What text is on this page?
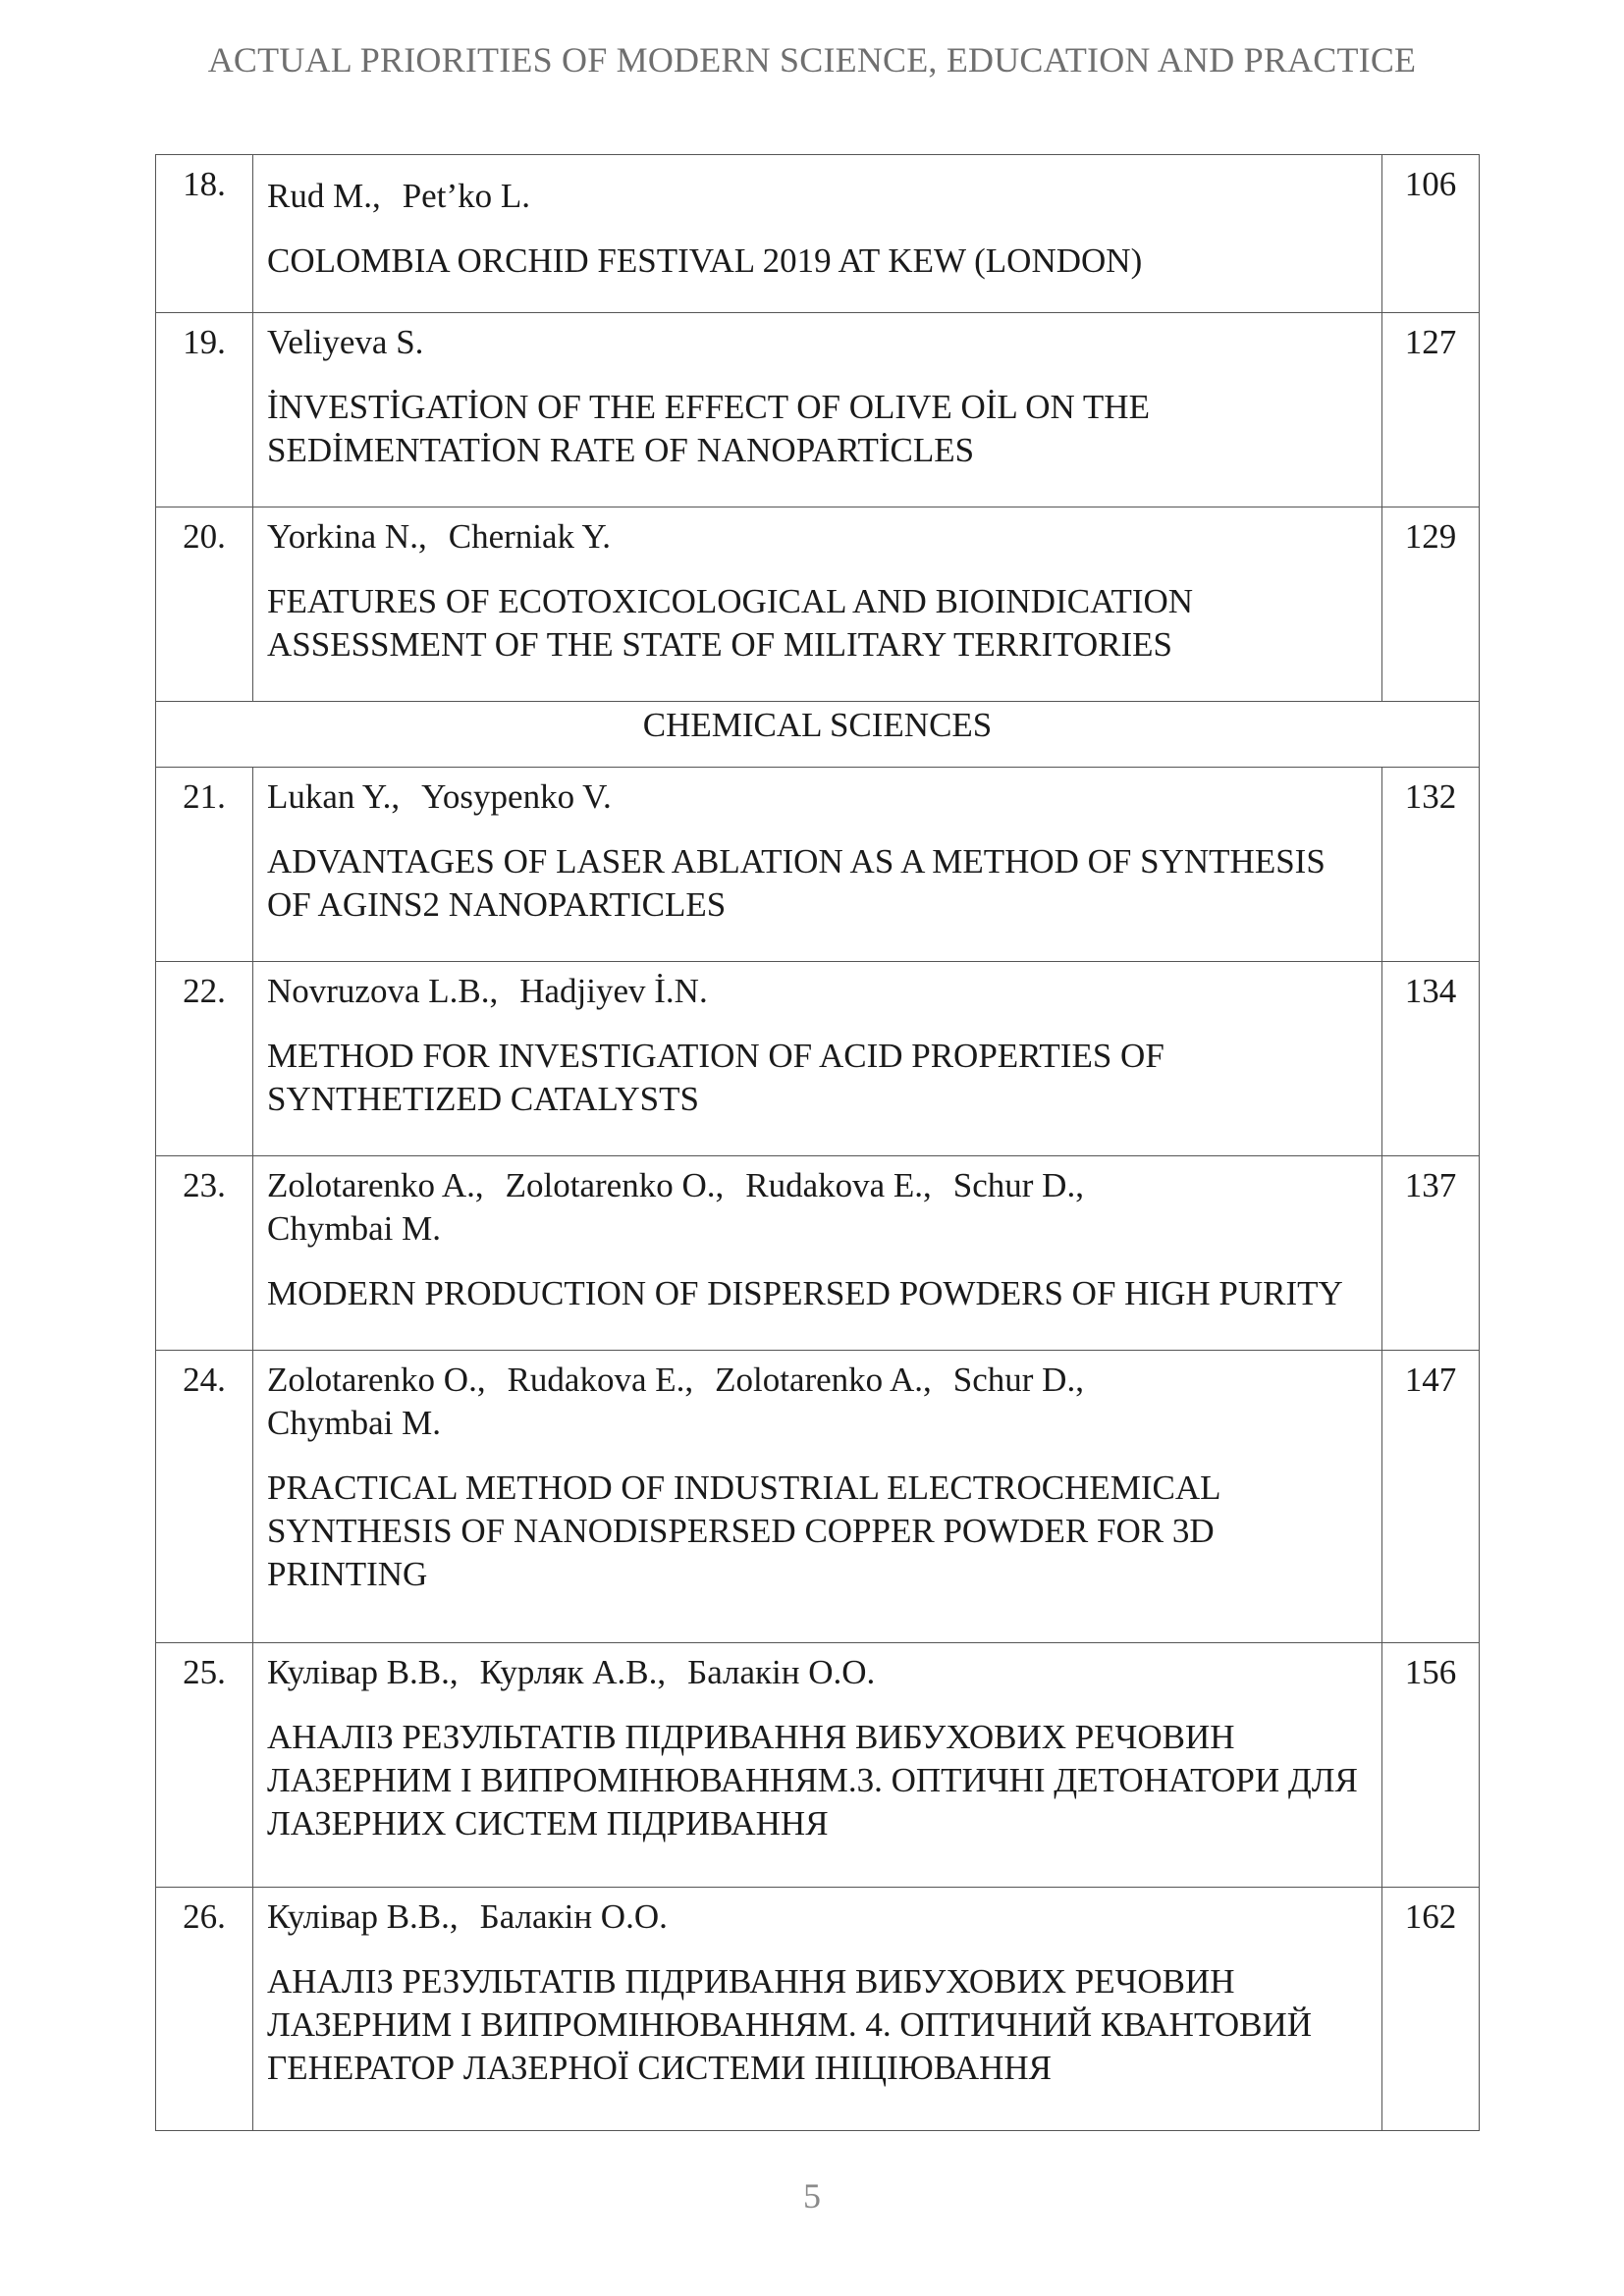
ACTUAL PRIORITIES OF MODERN SCIENCE, EDUCATION AND PRACTICE
18.	Rud M., Pet’ko L.

COLOMBIA ORCHID FESTIVAL 2019 AT KEW (LONDON)	106
19.	Veliyeva S.

İNVESTİGATİON OF THE EFFECT OF OLIVE OİL ON THE SEDİMENTATİON RATE OF NANOPARTİCLES	127
20.	Yorkina N., Cherniak Y.

FEATURES OF ECOTOXICOLOGICAL AND BIOINDICATION ASSESSMENT OF THE STATE OF MILITARY TERRITORIES	129
CHEMICAL SCIENCES		
21.	Lukan Y., Yosypenko V.

ADVANTAGES OF LASER ABLATION AS A METHOD OF SYNTHESIS OF AGINS2 NANOPARTICLES	132
22.	Novruzova L.B., Hadjiyev İ.N.

METHOD FOR INVESTIGATION OF ACID PROPERTIES OF SYNTHETIZED CATALYSTS	134
23.	Zolotarenko A., Zolotarenko O., Rudakova E., Schur D.,
Chymbai M.

MODERN PRODUCTION OF DISPERSED POWDERS OF HIGH PURITY	137
24.	Zolotarenko O., Rudakova E., Zolotarenko A., Schur D.,
Chymbai M.

PRACTICAL METHOD OF INDUSTRIAL ELECTROCHEMICAL SYNTHESIS OF NANODISPERSED COPPER POWDER FOR 3D PRINTING	147
25.	Кулівар В.В., Курляк А.В., Балакін О.О.

АНАЛІЗ РЕЗУЛЬТАТІВ ПІДРИВАННЯ ВИБУХОВИХ РЕЧОВИН ЛАЗЕРНИМ І ВИПРОМІНЮВАННЯМ.3. ОПТИЧНІ ДЕТОНАТОРИ ДЛЯ ЛАЗЕРНИХ СИСТЕМ ПІДРИВАННЯ	156
26.	Кулівар В.В., Балакін О.О.

АНАЛІЗ РЕЗУЛЬТАТІВ ПІДРИВАННЯ ВИБУХОВИХ РЕЧОВИН ЛАЗЕРНИМ І ВИПРОМІНЮВАННЯМ. 4. ОПТИЧНИЙ КВАНТОВИЙ ГЕНЕРАТОР ЛАЗЕРНОЇ СИСТЕМИ ІНІЦІЮВАННЯ	162
5
